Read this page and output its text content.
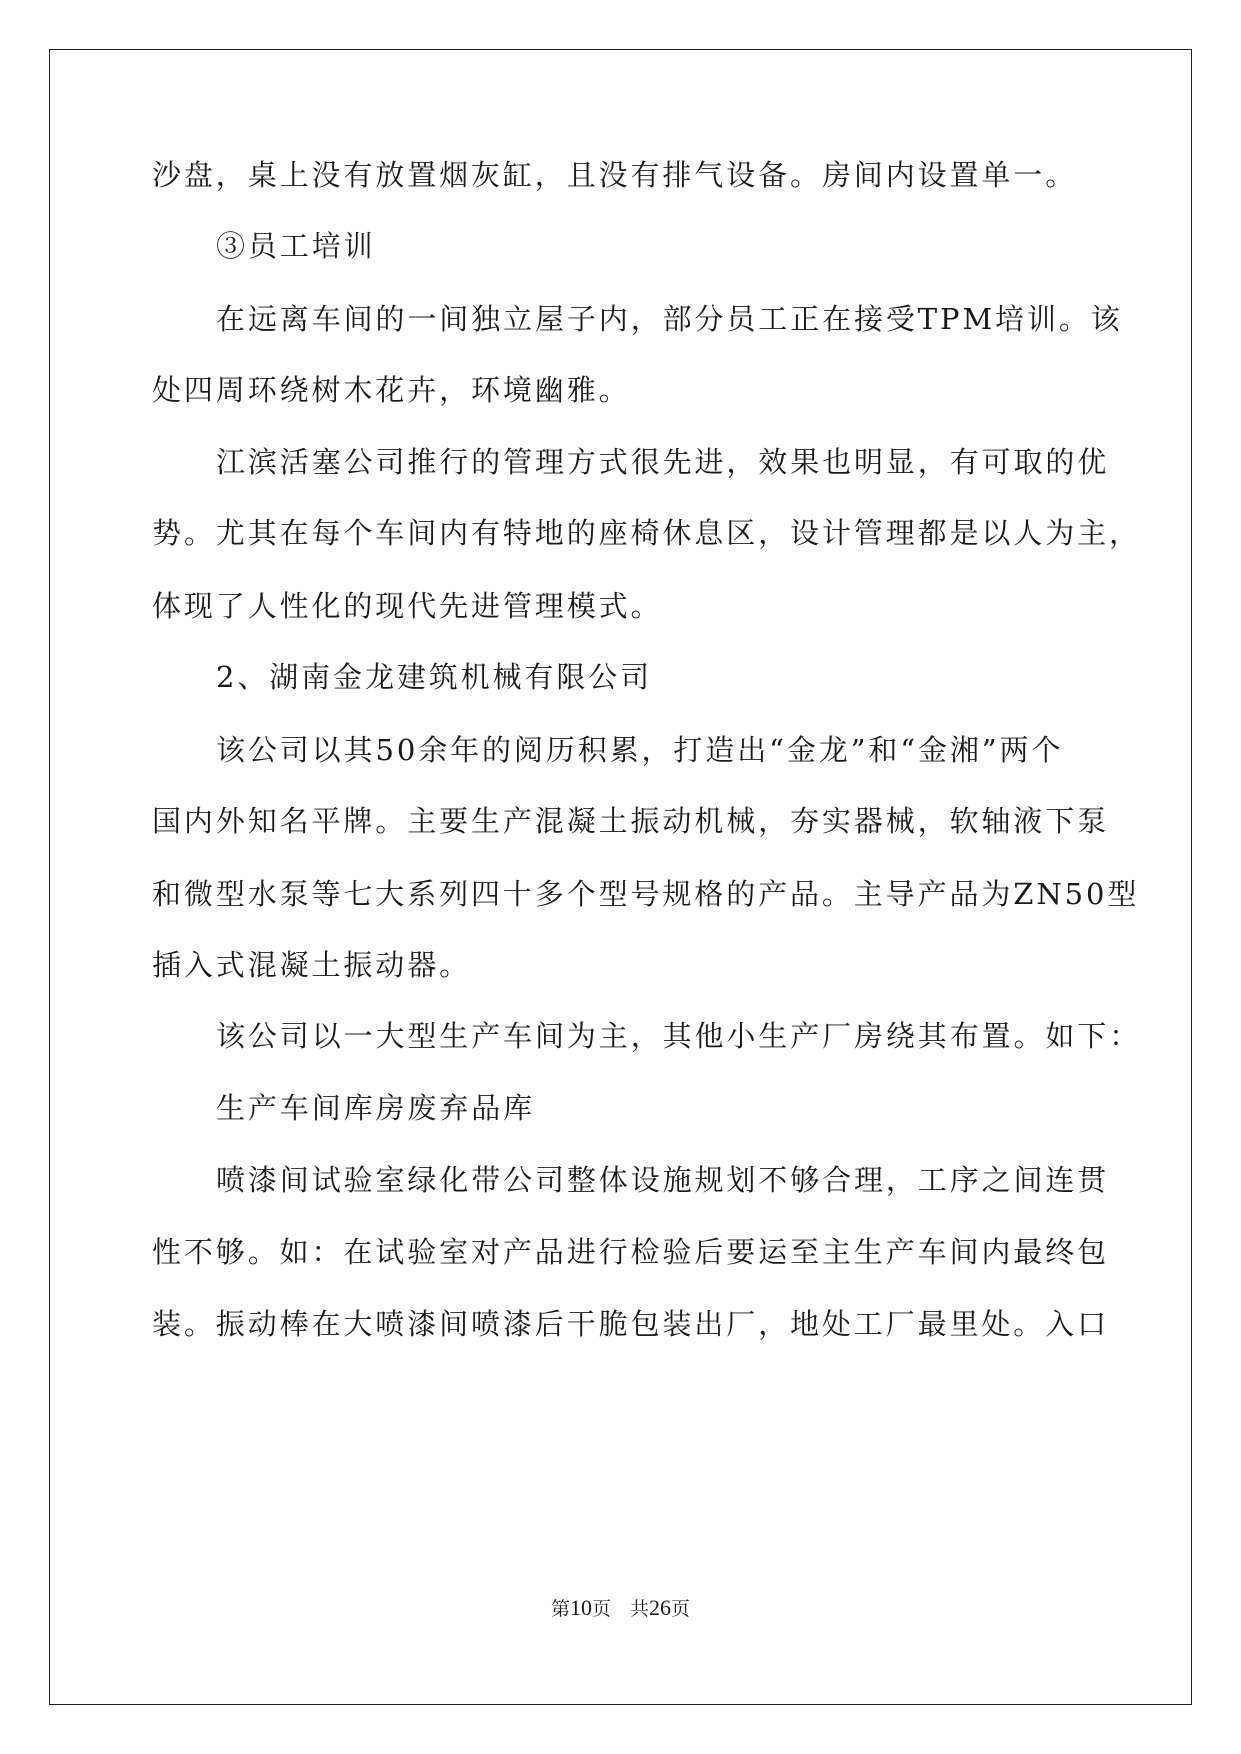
沙盘，桌上没有放置烟灰缸，且没有排气设备。房间内设置单一。
③员工培训
在远离车间的一间独立屋子内，部分员工正在接受TPM培训。该
处四周环绕树木花卉，环境幽雅。
江滨活塞公司推行的管理方式很先进，效果也明显，有可取的优
势。尤其在每个车间内有特地的座椅休息区，设计管理都是以人为主，
体现了人性化的现代先进管理模式。
2、湖南金龙建筑机械有限公司
该公司以其50余年的阅历积累，打造出“金龙”和“金湘”两个
国内外知名平牌。主要生产混凝土振动机械，夯实器械，软轴液下泵
和微型水泵等七大系列四十多个型号规格的产品。主导产品为ZN50型
插入式混凝土振动器。
该公司以一大型生产车间为主，其他小生产厂房绕其布置。如下：
生产车间库房废弃品库
喷漆间试验室绿化带公司整体设施规划不够合理，工序之间连贯
性不够。如：在试验室对产品进行检验后要运至主生产车间内最终包
装。振动棒在大喷漆间喷漆后干脆包装出厂，地处工厂最里处。入口
第10页　共26页
